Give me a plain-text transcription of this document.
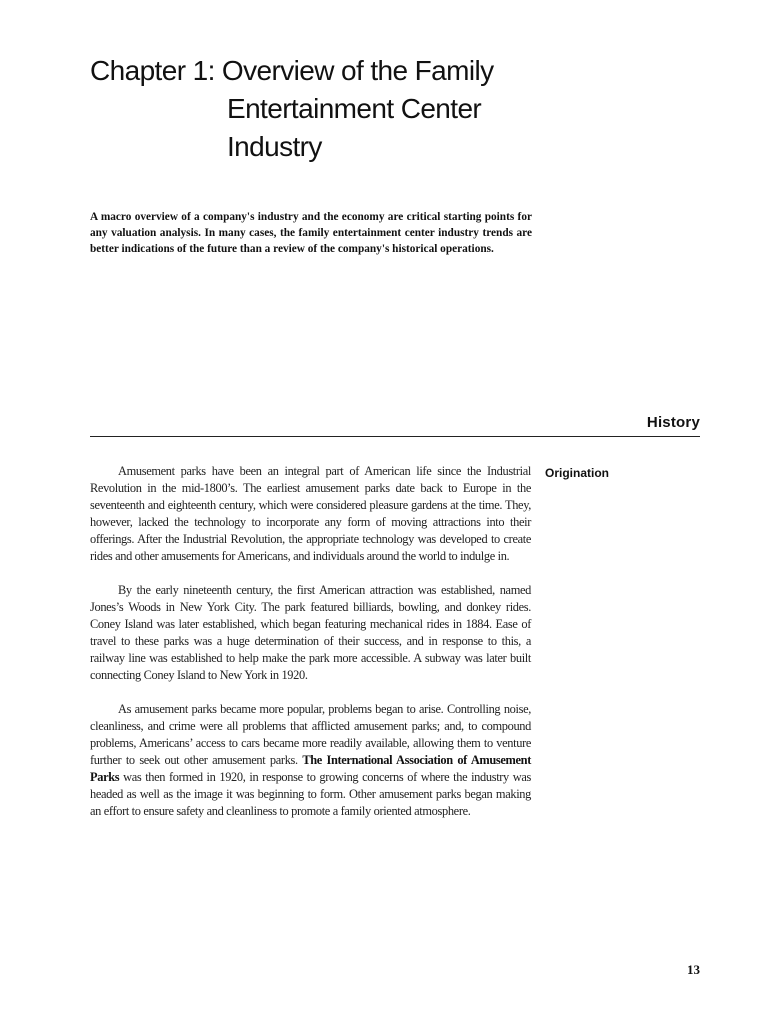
Chapter 1: Overview of the Family
Entertainment Center
Industry

A macro overview of a company's industry and the economy are critical starting points for any valuation analysis. In many cases, the family entertainment center industry trends are better indications of the future than a review of the company's historical operations.

History
Origination

Amusement parks have been an integral part of American life since the Industrial Revolution in the mid-1800’s. The earliest amusement parks date back to Europe in the seventeenth and eighteenth century, which were considered pleasure gardens at the time. They, however, lacked the technology to incorporate any form of moving attractions into their offerings. After the Industrial Revolution, the appropriate technology was developed to create rides and other amusements for Americans, and individuals around the world to indulge in.

By the early nineteenth century, the first American attraction was established, named Jones’s Woods in New York City. The park featured billiards, bowling, and donkey rides. Coney Island was later established, which began featuring mechanical rides in 1884. Ease of travel to these parks was a huge determination of their success, and in response to this, a railway line was established to help make the park more accessible. A subway was later built connecting Coney Island to New York in 1920.

As amusement parks became more popular, problems began to arise. Controlling noise, cleanliness, and crime were all problems that afflicted amusement parks; and, to compound problems, Americans’ access to cars became more readily available, allowing them to venture further to seek out other amusement parks. The International Association of Amusement Parks was then formed in 1920, in response to growing concerns of where the industry was headed as well as the image it was beginning to form. Other amusement parks began making an effort to ensure safety and cleanliness to promote a family oriented atmosphere.

13
